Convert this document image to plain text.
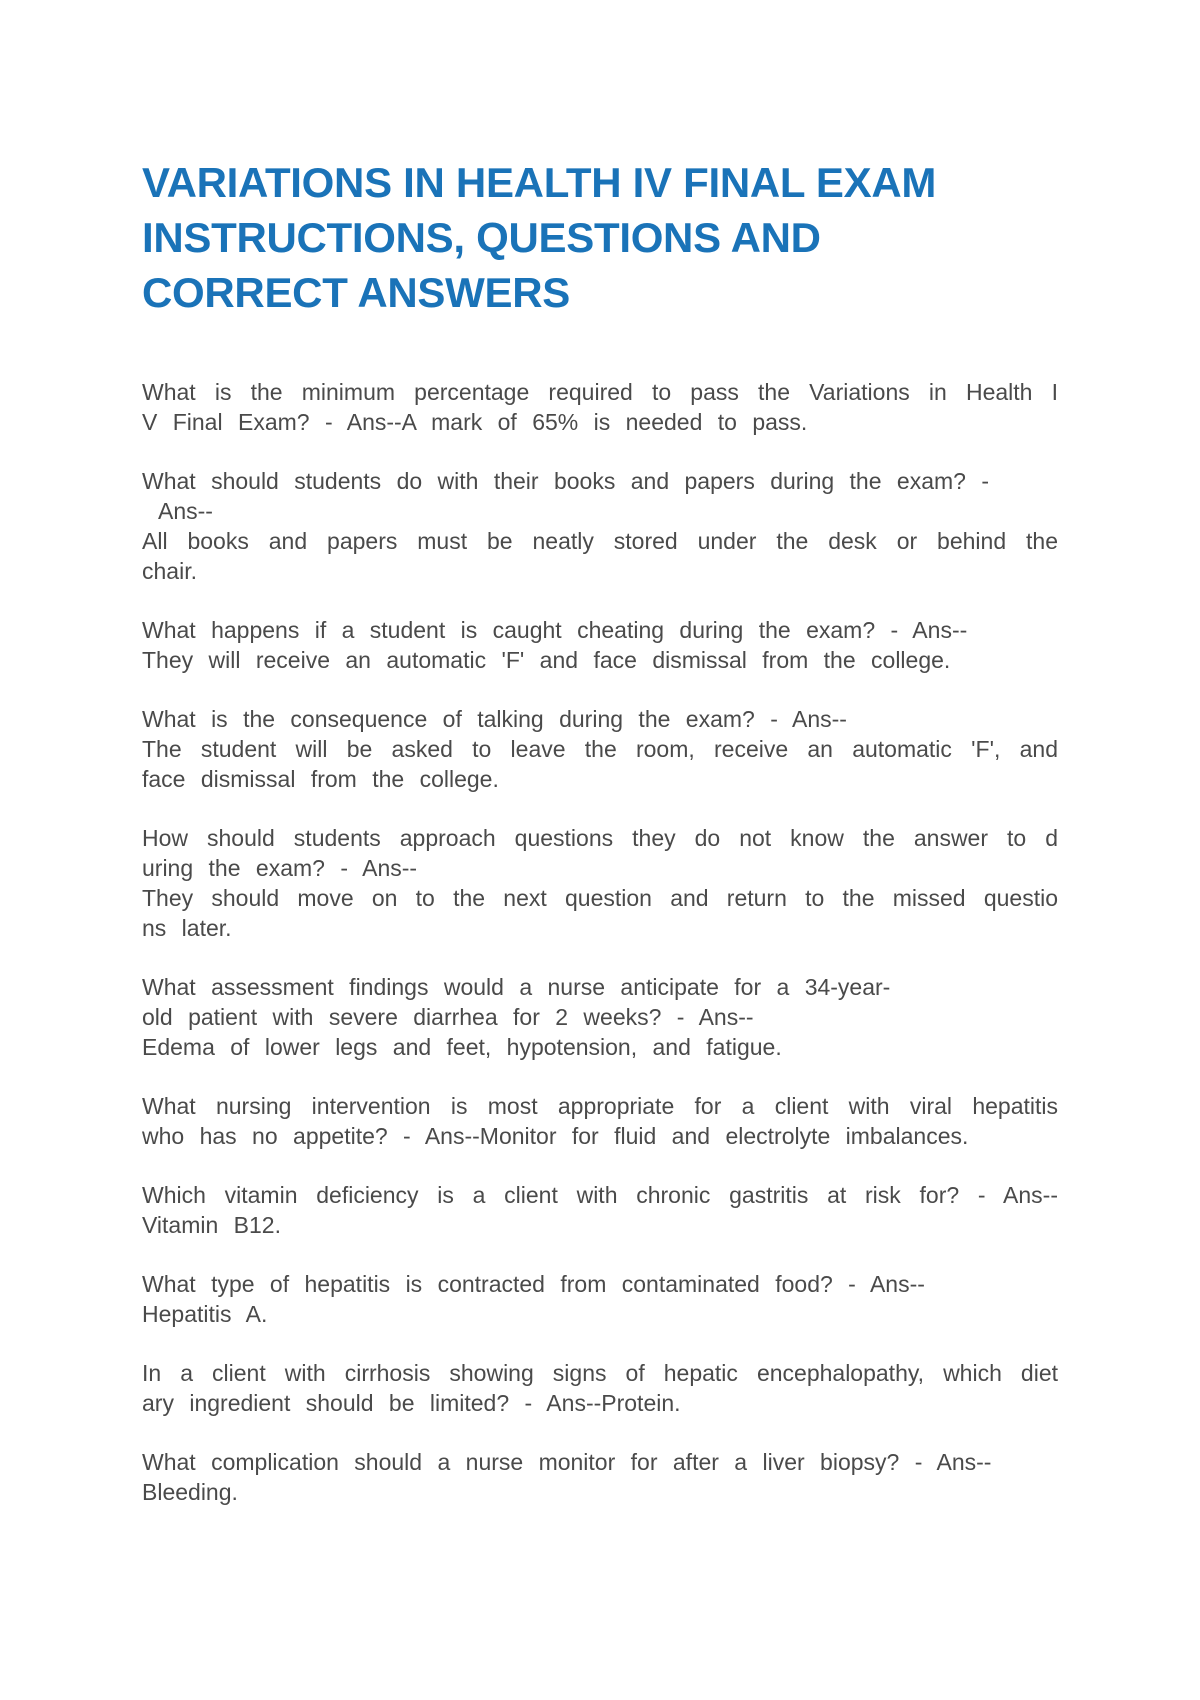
VARIATIONS IN HEALTH IV FINAL EXAM
INSTRUCTIONS, QUESTIONS AND
CORRECT ANSWERS

What is the minimum percentage required to pass the Variations in Health I
V Final Exam? - Ans--A mark of 65% is needed to pass.

What should students do with their books and papers during the exam? -
Ans--
All books and papers must be neatly stored under the desk or behind the
chair.

What happens if a student is caught cheating during the exam? - Ans--
They will receive an automatic 'F' and face dismissal from the college.

What is the consequence of talking during the exam? - Ans--
The student will be asked to leave the room, receive an automatic 'F', and
face dismissal from the college.

How should students approach questions they do not know the answer to d
uring the exam? - Ans--
They should move on to the next question and return to the missed questio
ns later.

What assessment findings would a nurse anticipate for a 34-year-
old patient with severe diarrhea for 2 weeks? - Ans--
Edema of lower legs and feet, hypotension, and fatigue.

What nursing intervention is most appropriate for a client with viral hepatitis
who has no appetite? - Ans--Monitor for fluid and electrolyte imbalances.

Which vitamin deficiency is a client with chronic gastritis at risk for? - Ans--
Vitamin B12.

What type of hepatitis is contracted from contaminated food? - Ans--
Hepatitis A.

In a client with cirrhosis showing signs of hepatic encephalopathy, which diet
ary ingredient should be limited? - Ans--Protein.

What complication should a nurse monitor for after a liver biopsy? - Ans--
Bleeding.
